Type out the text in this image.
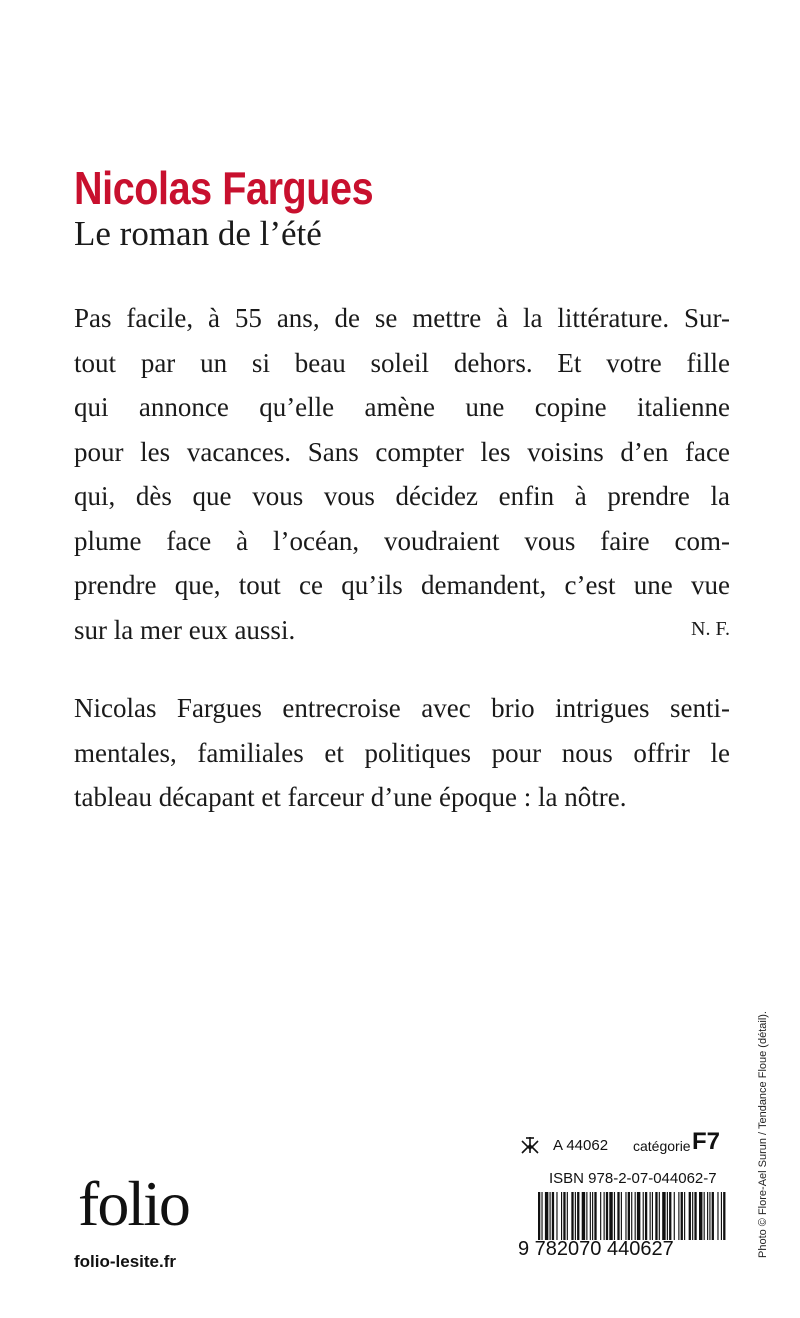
Nicolas Fargues
Le roman de l’été

Pas facile, à 55 ans, de se mettre à la littérature. Sur-
tout par un si beau soleil dehors. Et votre fille
qui annonce qu’elle amène une copine italienne
pour les vacances. Sans compter les voisins d’en face
qui, dès que vous vous décidez enfin à prendre la
plume face à l’océan, voudraient vous faire com-
prendre que, tout ce qu’ils demandent, c’est une vue
sur la mer eux aussi.	N. F.

Nicolas Fargues entrecroise avec brio intrigues senti-
mentales, familiales et politiques pour nous offrir le
tableau décapant et farceur d’une époque : la nôtre.

Photo © Flore-Ael Surun / Tendance Floue (détail).
folio
folio-lesite.fr
A 44062 catégorie F7
ISBN 978-2-07-044062-7
9 782070 440627
